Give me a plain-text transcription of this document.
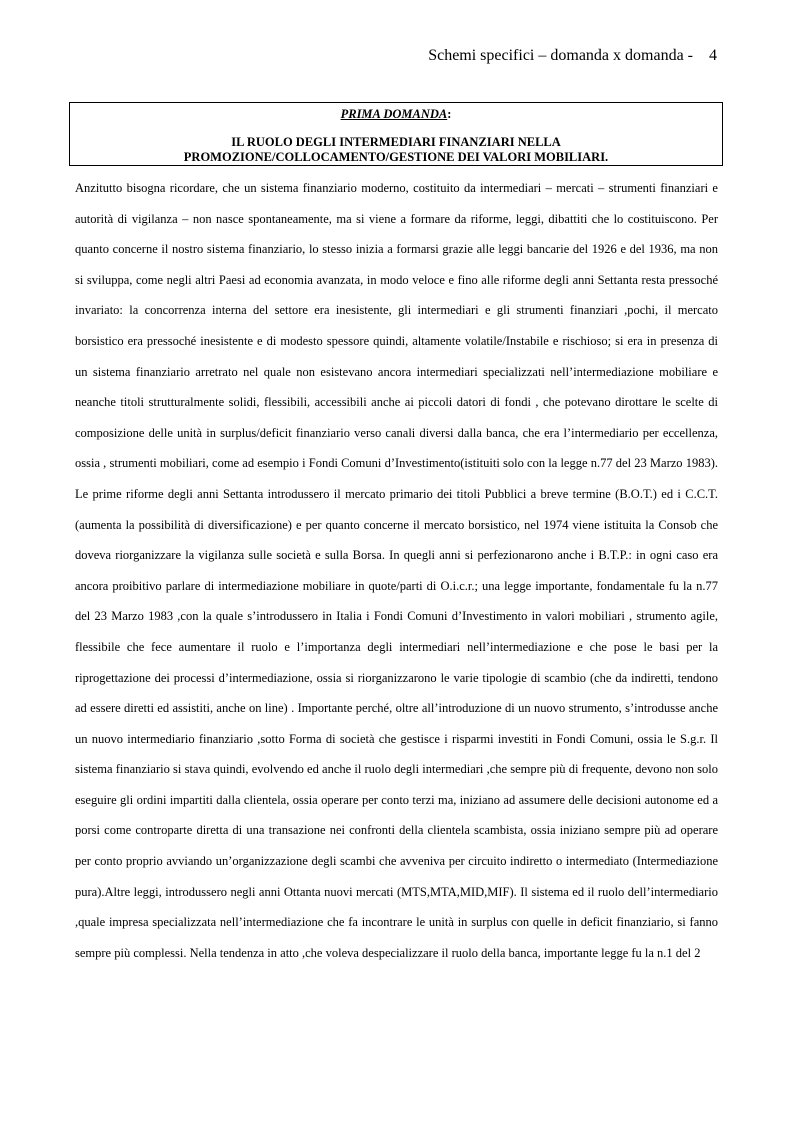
Schemi specifici – domanda x domanda - 4
PRIMA DOMANDA:
IL RUOLO DEGLI INTERMEDIARI FINANZIARI NELLA
PROMOZIONE/COLLOCAMENTO/GESTIONE DEI VALORI MOBILIARI.

Anzitutto bisogna ricordare, che un sistema finanziario moderno, costituito da intermediari – mercati – strumenti finanziari e autorità di vigilanza – non nasce spontaneamente, ma si viene a formare da riforme, leggi, dibattiti che lo costituiscono. Per quanto concerne il nostro sistema finanziario, lo stesso inizia a formarsi grazie alle leggi bancarie del 1926 e del 1936, ma non si sviluppa, come negli altri Paesi ad economia avanzata, in modo veloce e fino alle riforme degli anni Settanta resta pressoché invariato: la concorrenza interna del settore era inesistente, gli intermediari e gli strumenti finanziari ,pochi, il mercato borsistico era pressoché inesistente e di modesto spessore quindi, altamente volatile/Instabile e rischioso; si era in presenza di un sistema finanziario arretrato nel quale non esistevano ancora intermediari specializzati nell’intermediazione mobiliare e neanche titoli strutturalmente solidi, flessibili, accessibili anche ai piccoli datori di fondi , che potevano dirottare le scelte di composizione delle unità in surplus/deficit finanziario verso canali diversi dalla banca, che era l’intermediario per eccellenza, ossia , strumenti mobiliari, come ad esempio i Fondi Comuni d’Investimento(istituiti solo con la legge n.77 del 23 Marzo 1983). Le prime riforme degli anni Settanta introdussero il mercato primario dei titoli Pubblici a breve termine (B.O.T.) ed i C.C.T.(aumenta la possibilità di diversificazione) e per quanto concerne il mercato borsistico, nel 1974 viene istituita la Consob che doveva riorganizzare la vigilanza sulle società e sulla Borsa. In quegli anni si perfezionarono anche i B.T.P.: in ogni caso era ancora proibitivo parlare di intermediazione mobiliare in quote/parti di O.i.c.r.; una legge importante, fondamentale fu la n.77 del 23 Marzo 1983 ,con la quale s’introdussero in Italia i Fondi Comuni d’Investimento in valori mobiliari , strumento agile, flessibile che fece aumentare il ruolo e l’importanza degli intermediari nell’intermediazione e che pose le basi per la riprogettazione dei processi d’intermediazione, ossia si riorganizzarono le varie tipologie di scambio (che da indiretti, tendono ad essere diretti ed assistiti, anche on line) . Importante perché, oltre all’introduzione di un nuovo strumento, s’introdusse anche un nuovo intermediario finanziario ,sotto Forma di società che gestisce i risparmi investiti in Fondi Comuni, ossia le S.g.r. Il sistema finanziario si stava quindi, evolvendo ed anche il ruolo degli intermediari ,che sempre più di frequente, devono non solo eseguire gli ordini impartiti dalla clientela, ossia operare per conto terzi ma, iniziano ad assumere delle decisioni autonome ed a porsi come controparte diretta di una transazione nei confronti della clientela scambista, ossia iniziano sempre più ad operare per conto proprio avviando un’organizzazione degli scambi che avveniva per circuito indiretto o intermediato (Intermediazione pura).Altre leggi, introdussero negli anni Ottanta nuovi mercati (MTS,MTA,MID,MIF). Il sistema ed il ruolo dell’intermediario ,quale impresa specializzata nell’intermediazione che fa incontrare le unità in surplus con quelle in deficit finanziario, si fanno sempre più complessi. Nella tendenza in atto ,che voleva despecializzare il ruolo della banca, importante legge fu la n.1 del 2
